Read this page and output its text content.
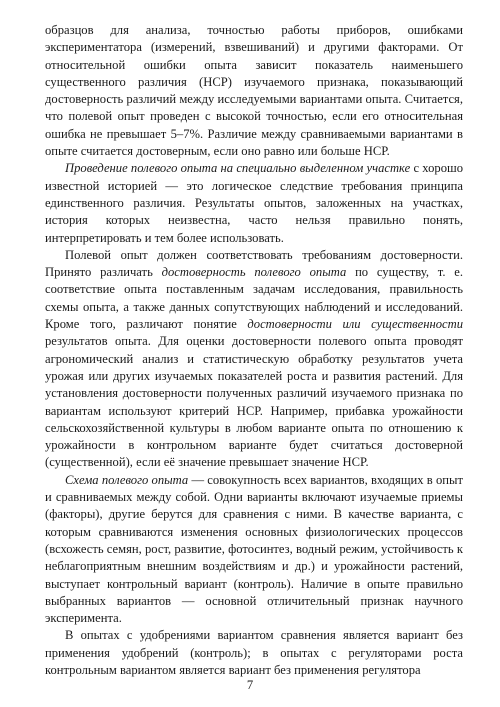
образцов для анализа, точностью работы приборов, ошибками экспериментатора (измерений, взвешиваний) и другими факторами. От относительной ошибки опыта зависит показатель наименьшего существенного различия (НСР) изучаемого признака, показывающий достоверность различий между исследуемыми вариантами опыта. Считается, что полевой опыт проведен с высокой точностью, если его относительная ошибка не превышает 5–7%. Различие между сравниваемыми вариантами в опыте считается достоверным, если оно равно или больше НСР.

Проведение полевого опыта на специально выделенном участке с хорошо известной историей — это логическое следствие требования принципа единственного различия. Результаты опытов, заложенных на участках, история которых неизвестна, часто нельзя правильно понять, интерпретировать и тем более использовать.

Полевой опыт должен соответствовать требованиям достоверности. Принято различать достоверность полевого опыта по существу, т. е. соответствие опыта поставленным задачам исследования, правильность схемы опыта, а также данных сопутствующих наблюдений и исследований. Кроме того, различают понятие достоверности или существенности результатов опыта. Для оценки достоверности полевого опыта проводят агрономический анализ и статистическую обработку результатов учета урожая или других изучаемых показателей роста и развития растений. Для установления достоверности полученных различий изучаемого признака по вариантам используют критерий НСР. Например, прибавка урожайности сельскохозяйственной культуры в любом варианте опыта по отношению к урожайности в контрольном варианте будет считаться достоверной (существенной), если её значение превышает значение НСР.

Схема полевого опыта — совокупность всех вариантов, входящих в опыт и сравниваемых между собой. Одни варианты включают изучаемые приемы (факторы), другие берутся для сравнения с ними. В качестве варианта, с которым сравниваются изменения основных физиологических процессов (всхожесть семян, рост, развитие, фотосинтез, водный режим, устойчивость к неблагоприятным внешним воздействиям и др.) и урожайности растений, выступает контрольный вариант (контроль). Наличие в опыте правильно выбранных вариантов — основной отличительный признак научного эксперимента.

В опытах с удобрениями вариантом сравнения является вариант без применения удобрений (контроль); в опытах с регуляторами роста контрольным вариантом является вариант без применения регулятора

7
